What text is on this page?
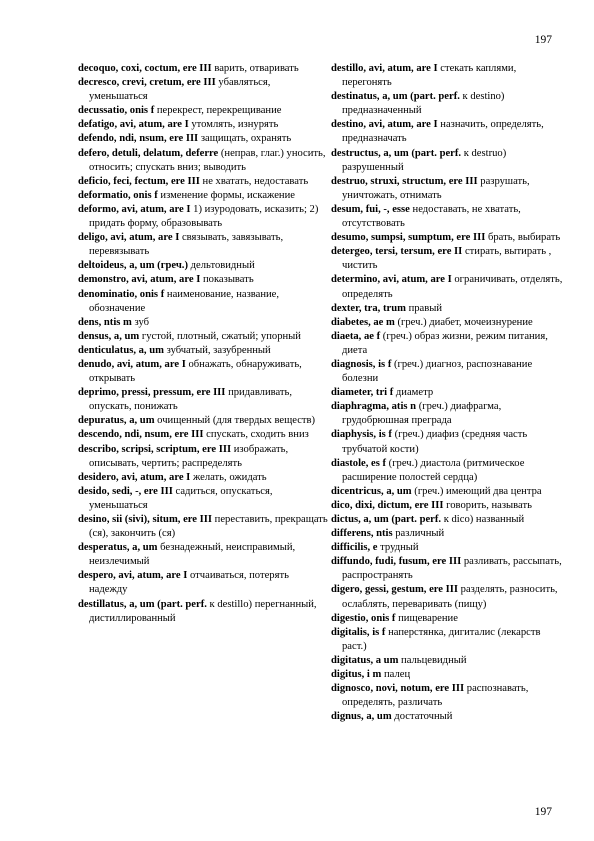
197

decoquo, coxi, coctum, ere III варить, отваривать

decresco, crevi, cretum, ere III убавляться, уменьшаться

decussatio, onis f перекрест, перекрещивание

defatigo, avi, atum, are I утомлять, изнурять

defendo, ndi, nsum, ere III защищать, охранять

defero, detuli, delatum, deferre (неправ, глаг.) уносить, относить; спускать вниз; выводить

deficio, feci, fectum, ere III не хватать, недоставать

deformatio, onis f изменение формы, искажение

deformo, avi, atum, are I 1) изуродовать, исказить; 2) придать форму, образовывать

deligo, avi, atum, are I связывать, завязывать, перевязывать

deltoideus, a, um (греч.) дельтовидный

demonstro, avi, atum, are I показывать

denominatio, onis f наименование, название, обозначение

dens, ntis m зуб

densus, a, um густой, плотный, сжатый; упорный

denticulatus, a, um зубчатый, зазубренный

denudo, avi, atum, are I обнажать, обнаруживать, открывать

deprimo, pressi, pressum, ere III придавливать, опускать, понижать

depuratus, a, um очищенный (для твердых веществ)

descendo, ndi, nsum, ere III спускать, сходить вниз

describo, scripsi, scriptum, ere III изображать, описывать, чертить; распределять

desidero, avi, atum, are I желать, ожидать

desido, sedi, -, ere III садиться, опускаться, уменьшаться

desino, sii (sivi), situm, ere III переставить, прекращать (ся), закончить (ся)

desperatus, a, um безнадежный, неисправимый, неизлечимый

despero, avi, atum, are I отчаиваться, потерять надежду

destillatus, a, um (part. perf. к destillo) перегнанный, дистиллированный

destillo, avi, atum, are I стекать каплями, перегонять

destinatus, a, um (part. perf. к destino) предназначенный

destino, avi, atum, are I назначить, определять, предназначать

destructus, a, um (part. perf. к destruo) разрушенный

destruo, struxi, structum, ere III разрушать, уничтожать, отнимать

desum, fui, -, esse недоставать, не хватать, отсутствовать

desumo, sumpsi, sumptum, ere III брать, выбирать

detergeo, tersi, tersum, ere II стирать, вытирать , чистить

determino, avi, atum, are I ограничивать, отделять, определять

dexter, tra, trum правый

diabetes, ae m (греч.) диабет, мочеизнурение

diaeta, ae f (греч.) образ жизни, режим питания, диета

diagnosis, is f (греч.) диагноз, распознавание болезни

diameter, tri f диаметр

diaphragma, atis n (греч.) диафрагма, грудобрюшная преграда

diaphysis, is f (греч.) диафиз (средняя часть трубчатой кости)

diastole, es f (греч.) диастола (ритмическое расширение полостей сердца)

dicentricus, a, um (греч.) имеющий два центра

dico, dixi, dictum, ere III говорить, называть

dictus, a, um (part. perf. к dico) названный

differens, ntis различный

difficilis, e трудный

diffundo, fudi, fusum, ere III разливать, рассыпать, распространять

digero, gessi, gestum, ere III разделять, разносить, ослаблять, переваривать (пищу)

digestio, onis f пищеварение

digitalis, is f наперстянка, дигиталис (лекарств раст.)

digitatus, a um пальцевидный

digitus, i m палец

dignosco, novi, notum, ere III распознавать, определять, различать

dignus, a, um достаточный

197
